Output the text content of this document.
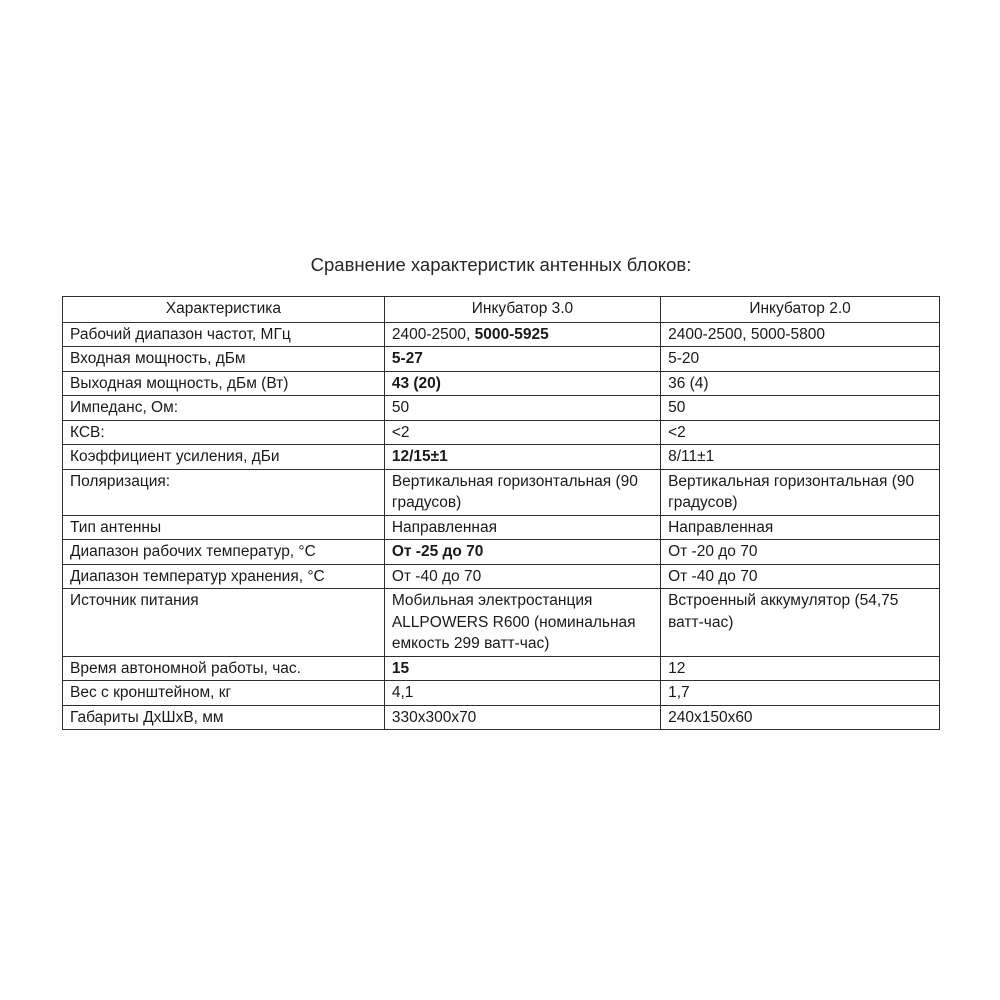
Сравнение характеристик антенных блоков:
Характеристика	Инкубатор 3.0	Инкубатор 2.0
Рабочий диапазон частот, МГц	2400-2500, 5000-5925	2400-2500, 5000-5800
Входная мощность, дБм	5-27	5-20
Выходная мощность, дБм (Вт)	43 (20)	36 (4)
Импеданс, Ом:	50	50
КСВ:	<2	<2
Коэффициент усиления, дБи	12/15±1	8/11±1
Поляризация:	Вертикальная горизонтальная (90 градусов)	Вертикальная горизонтальная (90 градусов)
Тип антенны	Направленная	Направленная
Диапазон рабочих температур, °С	От -25 до 70	От -20 до 70
Диапазон температур хранения, °С	От -40 до 70	От -40 до 70
Источник питания	Мобильная электростанция ALLPOWERS R600 (номинальная емкость 299 ватт-час)	Встроенный аккумулятор (54,75 ватт-час)
Время автономной работы, час.	15	12
Вес с кронштейном, кг	4,1	1,7
Габариты ДхШхВ, мм	330x300x70	240x150x60
